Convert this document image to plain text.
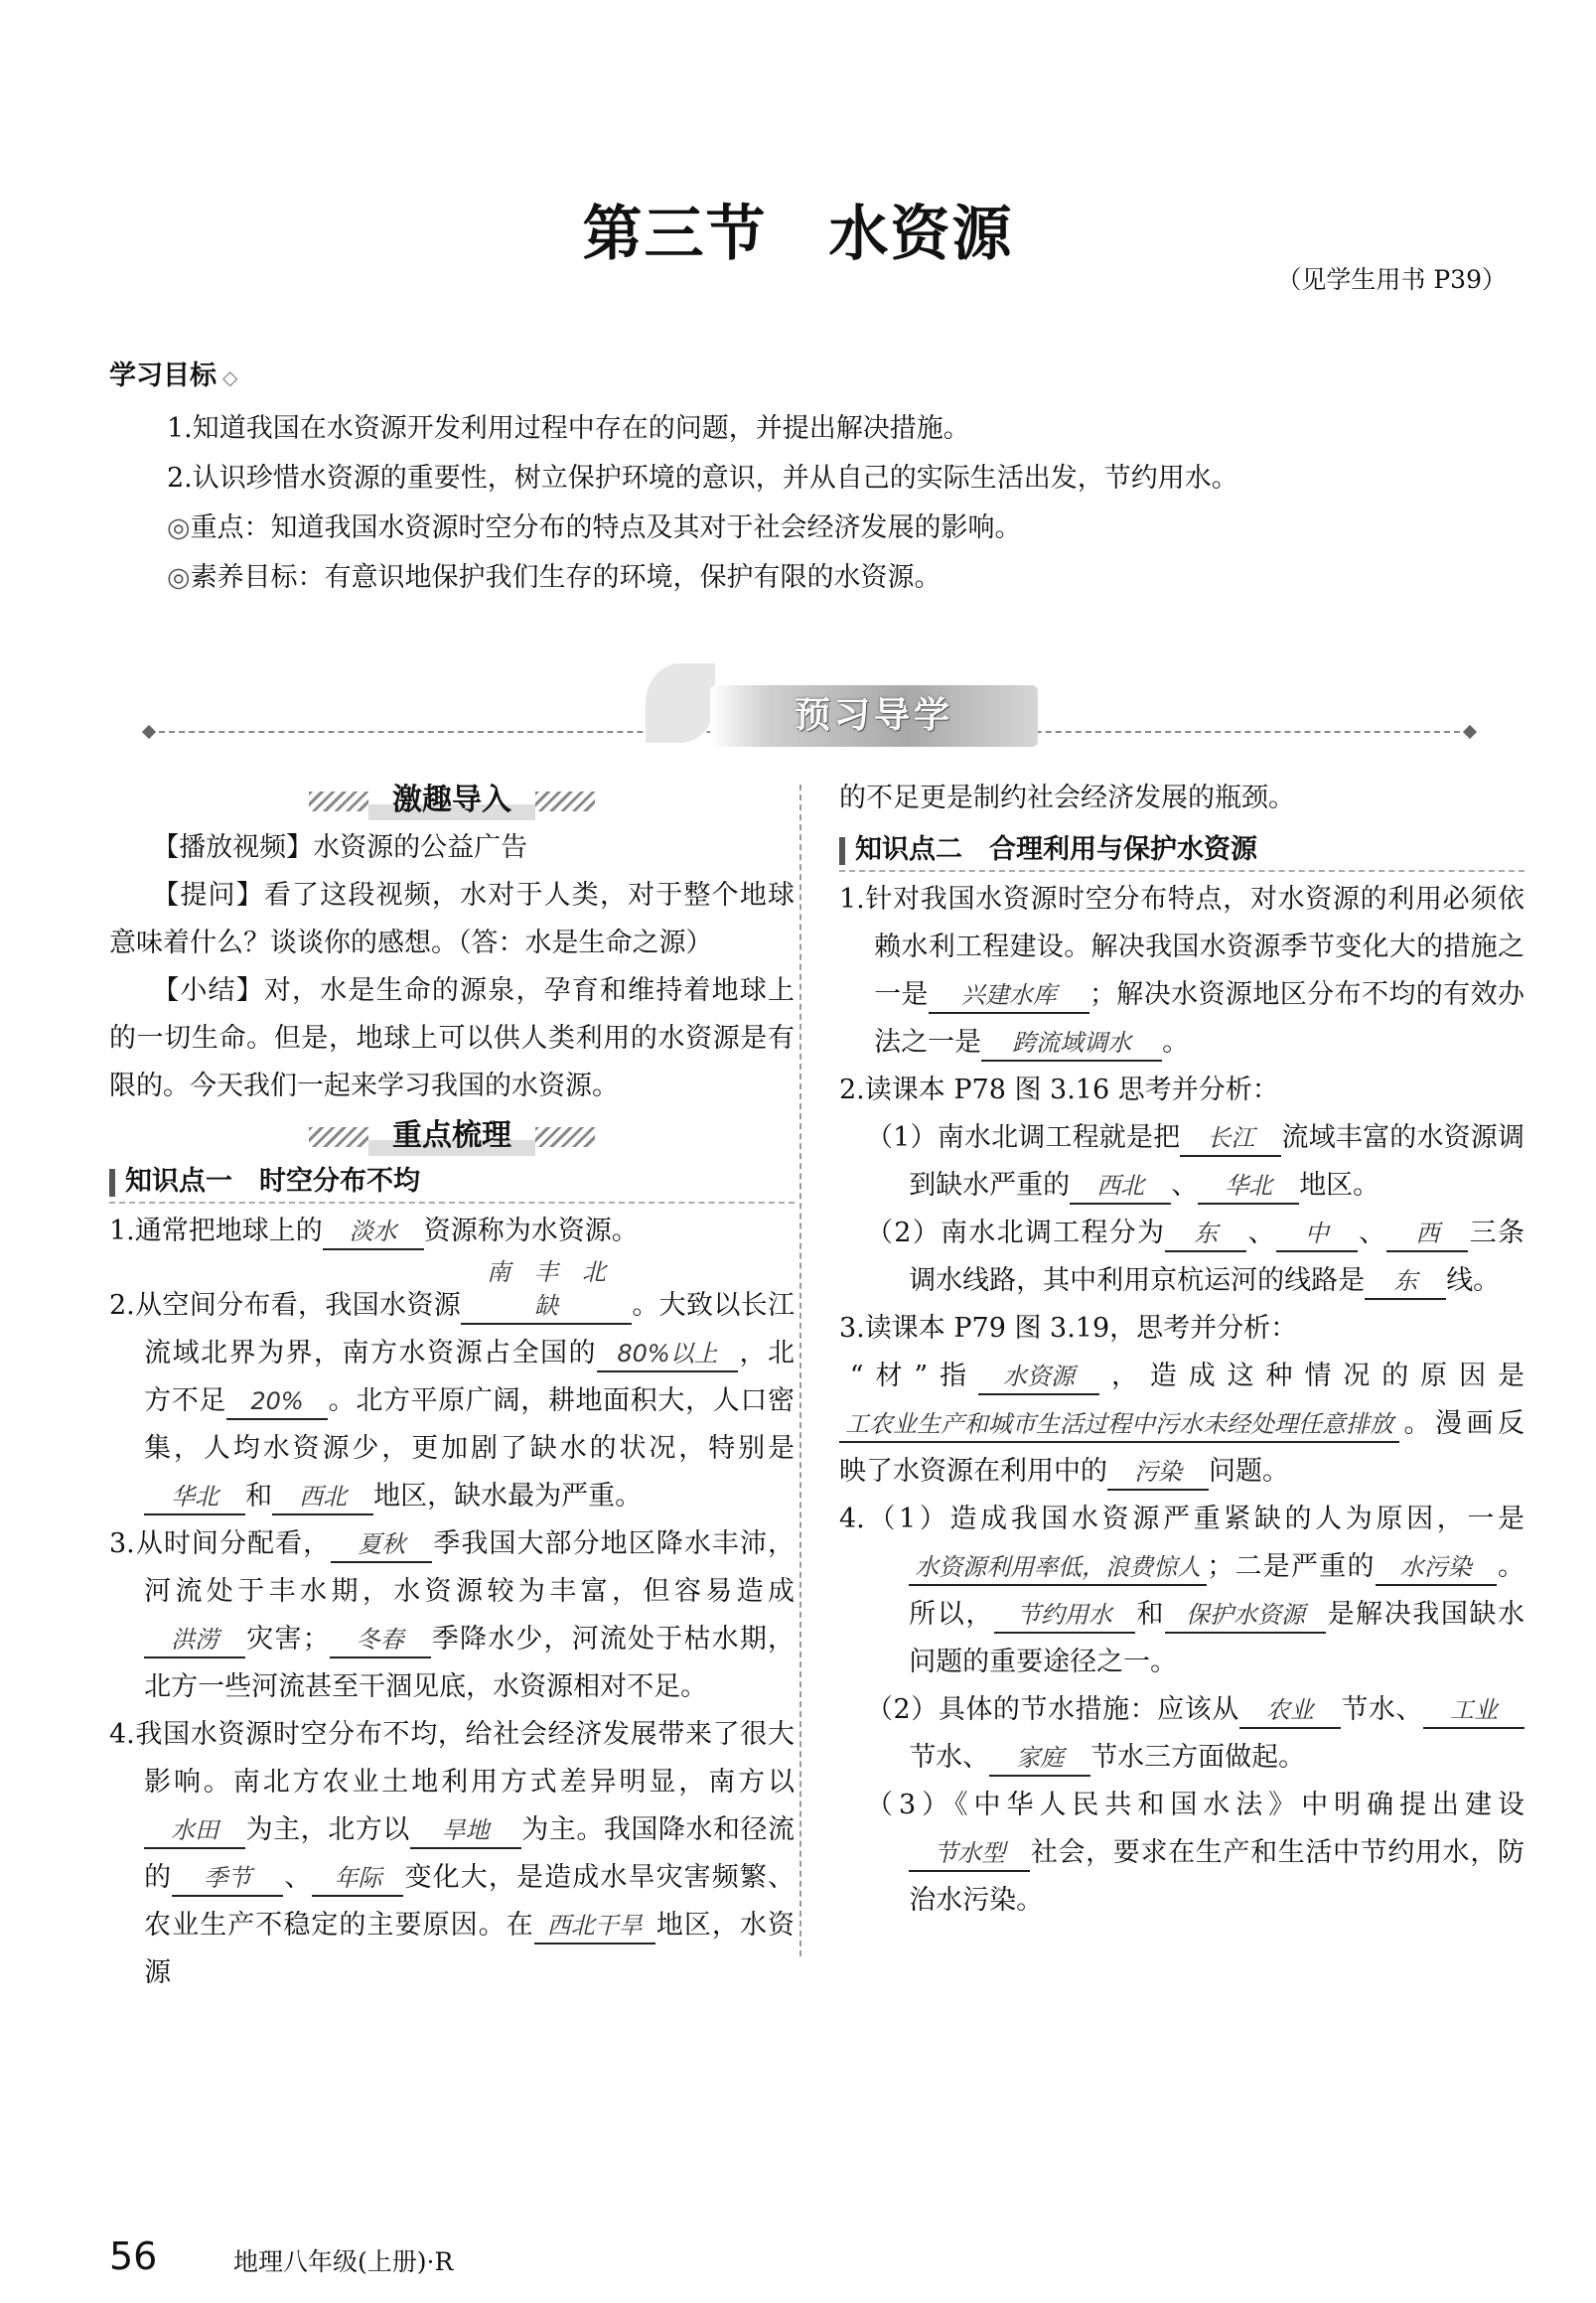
第三节　水资源
（见学生用书 P39）
学习目标 ◇
1.知道我国在水资源开发利用过程中存在的问题，并提出解决措施。
2.认识珍惜水资源的重要性，树立保护环境的意识，并从自己的实际生活出发，节约用水。
◎重点：知道我国水资源时空分布的特点及其对于社会经济发展的影响。
◎素养目标：有意识地保护我们生存的环境，保护有限的水资源。
预习导学
激趣导入

【播放视频】水资源的公益广告

【提问】看了这段视频，水对于人类，对于整个地球意味着什么？谈谈你的感想。（答：水是生命之源）

【小结】对，水是生命的源泉，孕育和维持着地球上的一切生命。但是，地球上可以供人类利用的水资源是有限的。今天我们一起来学习我国的水资源。

重点梳理
知识点一　时空分布不均

1.通常把地球上的 淡水 资源称为水资源。

2.从空间分布看，我国水资源南　丰　北　缺	。大致以长江流域北界为界，南方水资源占全国的 80%以上 ，北方不足 20% 。北方平原广阔，耕地面积大，人口密集，人均水资源少，更加剧了缺水的状况，特别是华北 和 西北 地区，缺水最为严重。

3.从时间分配看， 夏秋 季我国大部分地区降水丰沛，河流处于丰水期，水资源较为丰富，但容易造成洪涝 灾害； 冬春 季降水少，河流处于枯水期，北方一些河流甚至干涸见底，水资源相对不足。

4.我国水资源时空分布不均，给社会经济发展带来了很大影响。南北方农业土地利用方式差异明显，南方以水田 为主，北方以 旱地 为主。我国降水和径流的 季节 、 年际 变化大，是造成水旱灾害频繁、农业生产不稳定的主要原因。在 西北干旱 地区，水资源

的不足更是制约社会经济发展的瓶颈。

知识点二　合理利用与保护水资源

1.针对我国水资源时空分布特点，对水资源的利用必须依赖水利工程建设。解决我国水资源季节变化大的措施之一是 兴建水库 ；解决水资源地区分布不均的有效办法之一是 跨流域调水 。

2.读课本 P78 图 3.16 思考并分析：

（1）南水北调工程就是把 长江 流域丰富的水资源调到缺水严重的 西北 、 华北 地区。

（2）南水北调工程分为 东 、 中 、 西 三条调水线路，其中利用京杭运河的线路是 东 线。

3.读课本 P79 图 3.19，思考并分析：

“材”指 水资源 ，造成这种情况的原因是工农业生产和城市生活过程中污水未经处理任意排放 。漫画反映了水资源在利用中的 污染 问题。

4.（1）造成我国水资源严重紧缺的人为原因，一是水资源利用率低，浪费惊人 ；二是严重的 水污染 。所以， 节约用水 和 保护水资源 是解决我国缺水问题的重要途径之一。

（2）具体的节水措施：应该从 农业 节水、 工业节水、 家庭 节水三方面做起。

（3）《中华人民共和国水法》中明确提出建设节水型 社会，要求在生产和生活中节约用水，防治水污染。

56	地理八年级(上册)·R
